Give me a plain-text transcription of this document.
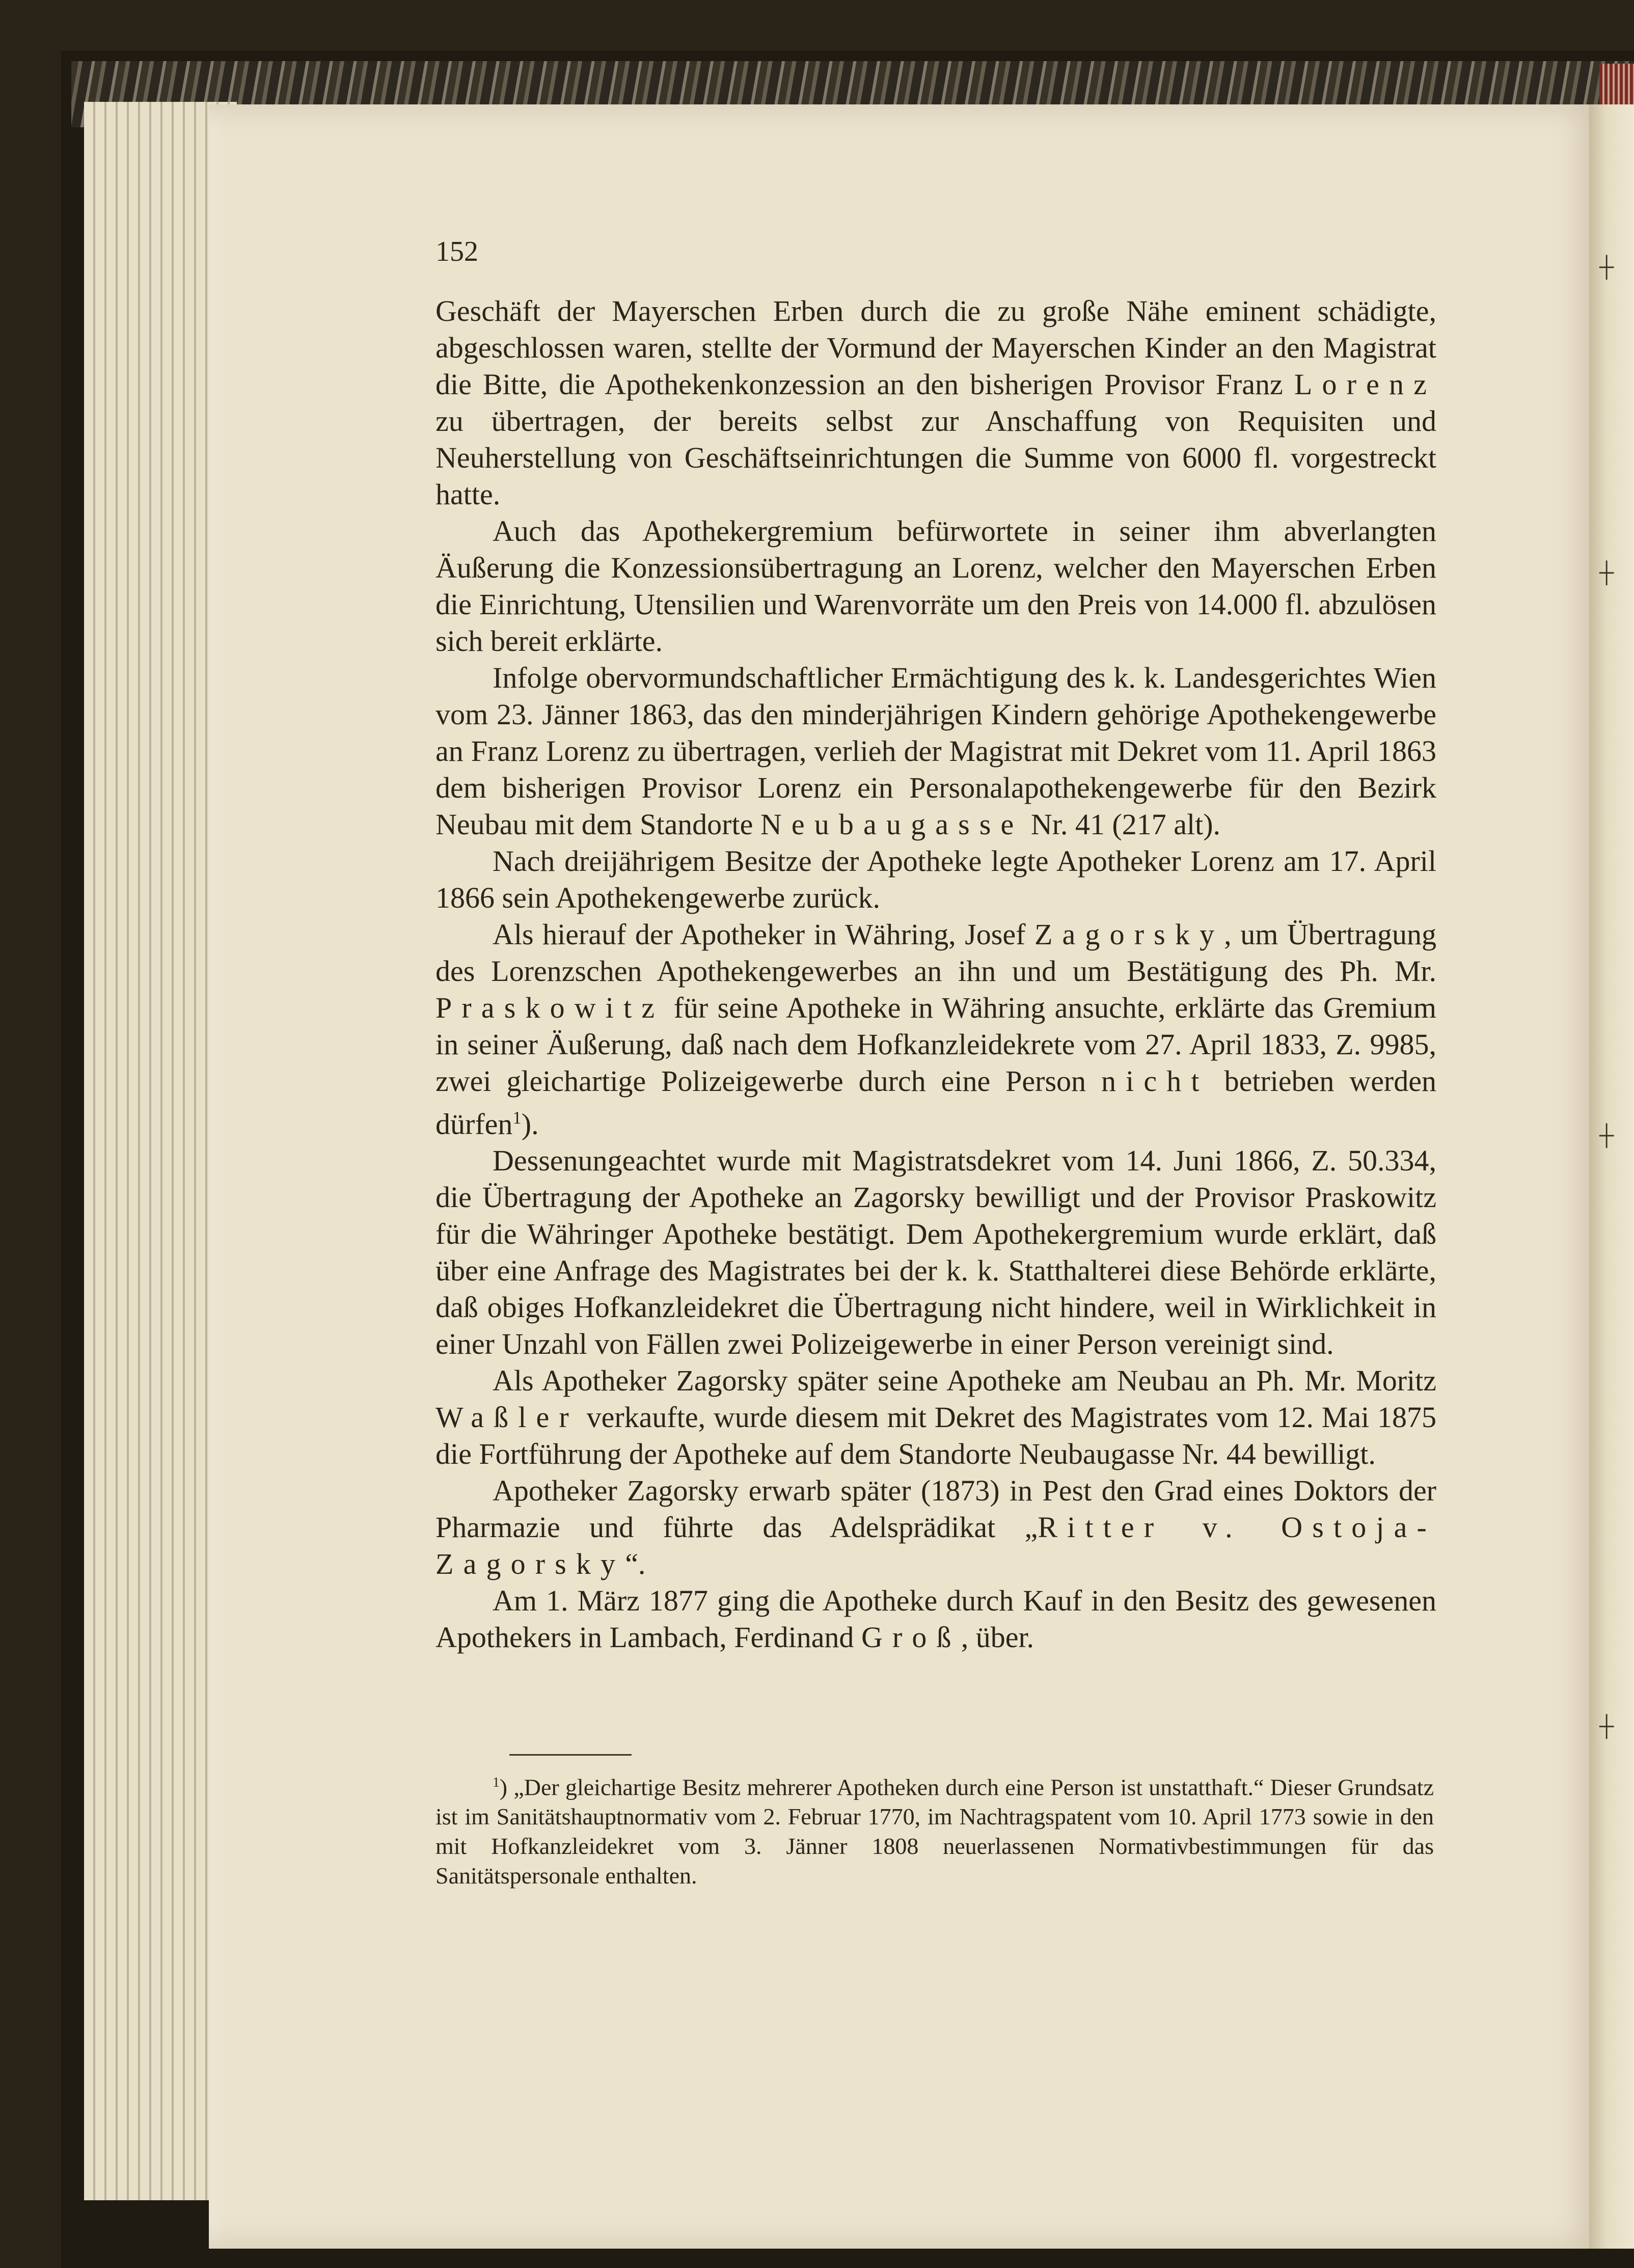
┼
┼
┼
┼
152

Geschäft der Mayerschen Erben durch die zu große Nähe eminent schädigte, abgeschlossen waren, stellte der Vormund der Mayerschen Kinder an den Magistrat die Bitte, die Apothekenkonzession an den bisherigen Provisor Franz Lorenz zu übertragen, der bereits selbst zur Anschaffung von Requisiten und Neuherstellung von Geschäftseinrichtungen die Summe von 6000 fl. vorgestreckt hatte.

Auch das Apothekergremium befürwortete in seiner ihm abverlangten Äußerung die Konzessionsübertragung an Lorenz, welcher den Mayerschen Erben die Einrichtung, Utensilien und Warenvorräte um den Preis von 14.000 fl. abzulösen sich bereit erklärte.

Infolge obervormundschaftlicher Ermächtigung des k. k. Landesgerichtes Wien vom 23. Jänner 1863, das den minderjährigen Kindern gehörige Apothekengewerbe an Franz Lorenz zu übertragen, verlieh der Magistrat mit Dekret vom 11. April 1863 dem bisherigen Provisor Lorenz ein Personalapothekengewerbe für den Bezirk Neubau mit dem Standorte Neubaugasse Nr. 41 (217 alt).

Nach dreijährigem Besitze der Apotheke legte Apotheker Lorenz am 17. April 1866 sein Apothekengewerbe zurück.

Als hierauf der Apotheker in Währing, Josef Zagorsky, um Übertragung des Lorenzschen Apothekengewerbes an ihn und um Bestätigung des Ph. Mr. Praskowitz für seine Apotheke in Währing ansuchte, erklärte das Gremium in seiner Äußerung, daß nach dem Hofkanzleidekrete vom 27. April 1833, Z. 9985, zwei gleichartige Polizeigewerbe durch eine Person nicht betrieben werden dürfen$^1$).

Dessenungeachtet wurde mit Magistratsdekret vom 14. Juni 1866, Z. 50.334, die Übertragung der Apotheke an Zagorsky bewilligt und der Provisor Praskowitz für die Währinger Apotheke bestätigt. Dem Apothekergremium wurde erklärt, daß über eine Anfrage des Magistrates bei der k. k. Statthalterei diese Behörde erklärte, daß obiges Hofkanzleidekret die Übertragung nicht hindere, weil in Wirklichkeit in einer Unzahl von Fällen zwei Polizeigewerbe in einer Person vereinigt sind.

Als Apotheker Zagorsky später seine Apotheke am Neubau an Ph. Mr. Moritz Waßler verkaufte, wurde diesem mit Dekret des Magistrates vom 12. Mai 1875 die Fortführung der Apotheke auf dem Standorte Neubaugasse Nr. 44 bewilligt.

Apotheker Zagorsky erwarb später (1873) in Pest den Grad eines Doktors der Pharmazie und führte das Adelsprädikat „Ritter v. Ostoja-Zagorsky“.

Am 1. März 1877 ging die Apotheke durch Kauf in den Besitz des gewesenen Apothekers in Lambach, Ferdinand Groß, über.

$^1$) „Der gleichartige Besitz mehrerer Apotheken durch eine Person ist unstatthaft.“ Dieser Grundsatz ist im Sanitätshauptnormativ vom 2. Februar 1770, im Nachtragspatent vom 10. April 1773 sowie in den mit Hofkanzleidekret vom 3. Jänner 1808 neuerlassenen Normativbestimmungen für das Sanitätspersonale enthalten.
